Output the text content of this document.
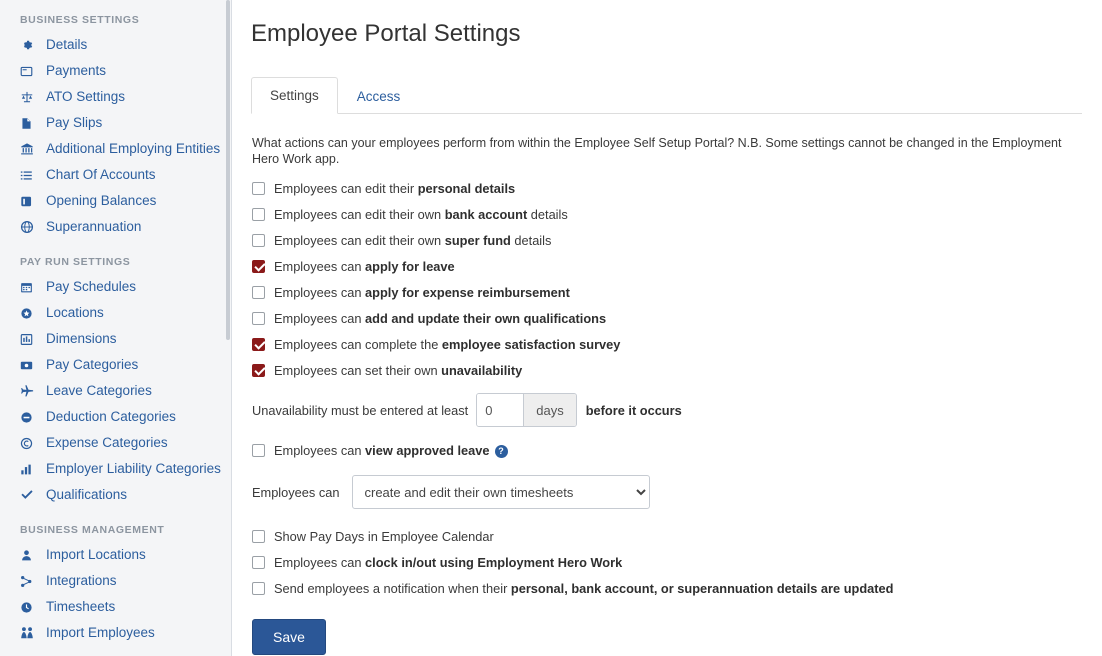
BUSINESS SETTINGS
Details
Payments
ATO Settings
Pay Slips
Additional Employing Entities
Chart Of Accounts
Opening Balances
Superannuation
PAY RUN SETTINGS
Pay Schedules
Locations
Dimensions
Pay Categories
Leave Categories
Deduction Categories
Expense Categories
Employer Liability Categories
Qualifications
BUSINESS MANAGEMENT
Import Locations
Integrations
Timesheets
Import Employees
Employee Portal Settings
Settings	Access

What actions can your employees perform from within the Employee Self Setup Portal? N.B. Some settings cannot be changed in the Employment Hero Work app.

Employees can edit their personal details
Employees can edit their own bank account details
Employees can edit their own super fund details
Employees can apply for leave
Employees can apply for expense reimbursement
Employees can add and update their own qualifications
Employees can complete the employee satisfaction survey
Employees can set their own unavailability
Unavailability must be entered at least
0	days	before it occurs
Employees can view approved leave ?
Employees can
create and edit their own timesheets
Show Pay Days in Employee Calendar
Employees can clock in/out using Employment Hero Work
Send employees a notification when their personal, bank account, or superannuation details are updated
Save
